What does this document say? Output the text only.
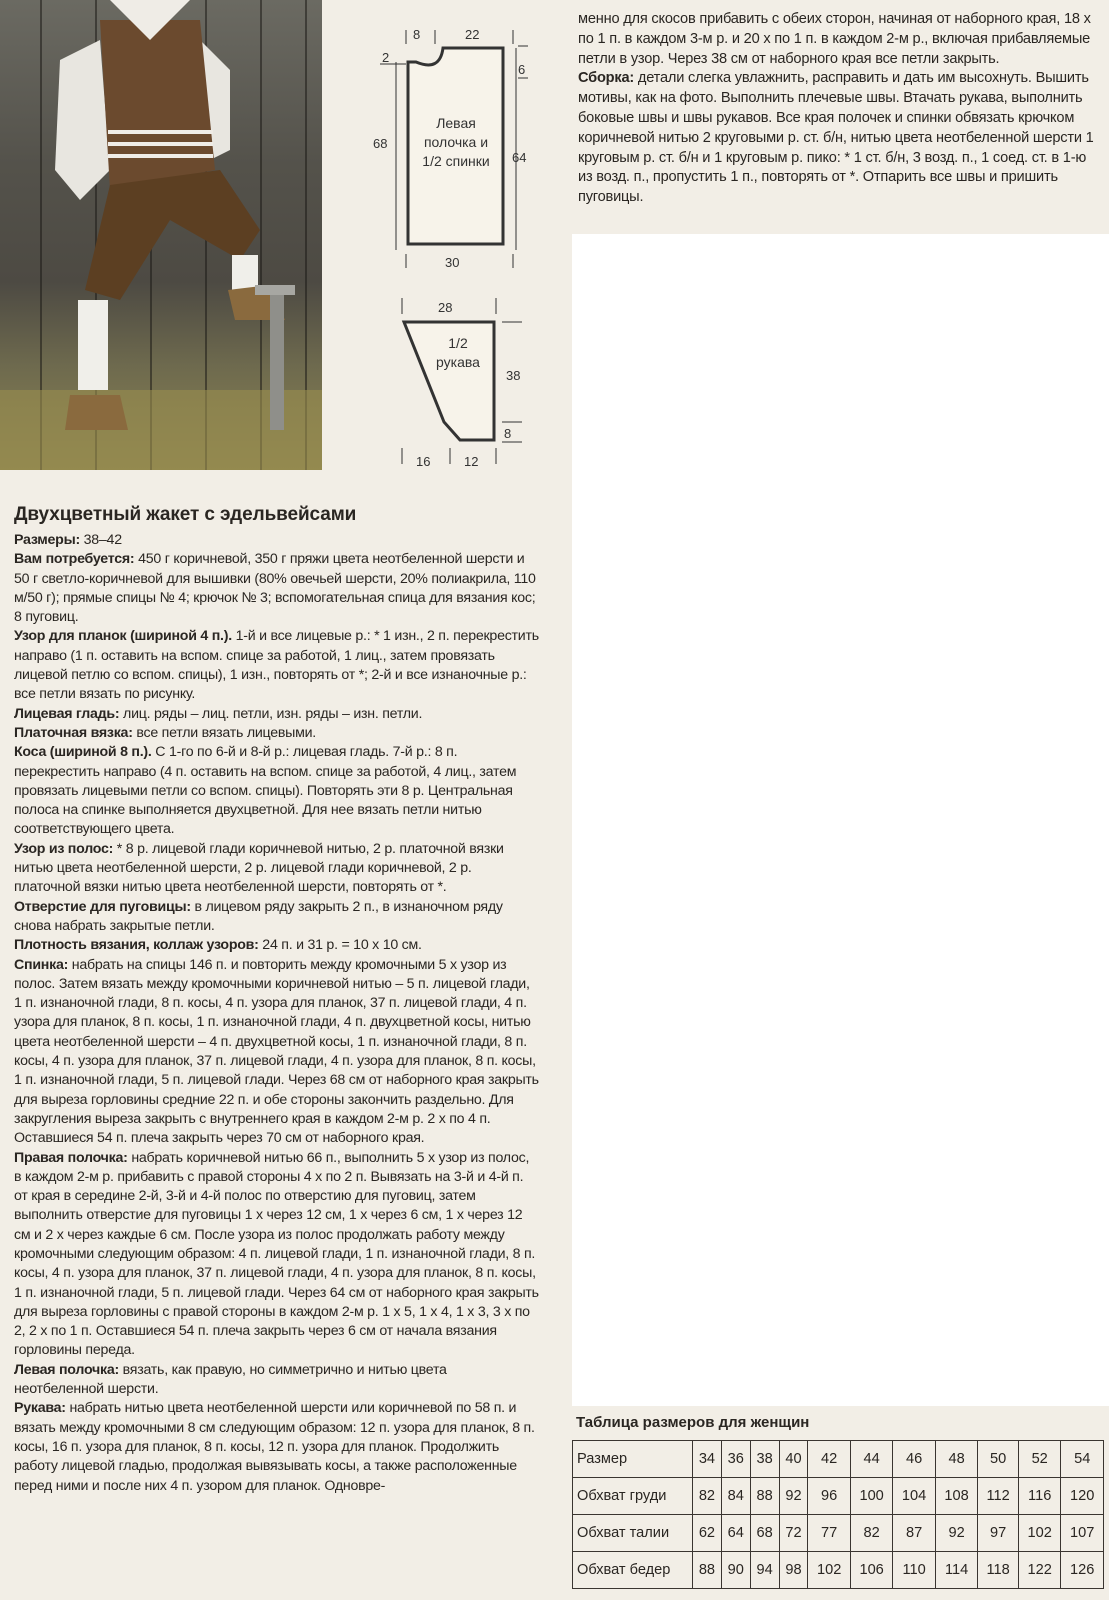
8	22
2
6
68
64
30
Левая
полочка и
1/2 спинки
28
38
8
16	12
1/2
рукава

менно для скосов прибавить с обеих сторон, начиная от наборного края, 18 х по 1 п. в каждом 3-м р. и 20 х по 1 п. в каждом 2-м р., включая прибавляемые петли в узор. Через 38 см от наборного края все петли закрыть.

Сборка: детали слегка увлажнить, расправить и дать им высохнуть. Вышить мотивы, как на фото. Выполнить плечевые швы. Втачать рукава, выполнить боковые швы и швы рукавов. Все края полочек и спинки обвязать крючком коричневой нитью 2 круговыми р. ст. б/н, нитью цвета неотбеленной шерсти 1 круговым р. ст. б/н и 1 круговым р. пико: * 1 ст. б/н, 3 возд. п., 1 соед. ст. в 1-ю из возд. п., пропустить 1 п., повторять от *. Отпарить все швы и пришить пуговицы.

Двухцветный жакет с эдельвейсами

Размеры: 38–42

Вам потребуется: 450 г коричневой, 350 г пряжи цвета неотбеленной шерсти и 50 г светло-коричневой для вышивки (80% овечьей шерсти, 20% полиакрила, 110 м/50 г); прямые спицы № 4; крючок № 3; вспомогательная спица для вязания кос; 8 пуговиц.

Узор для планок (шириной 4 п.). 1-й и все лицевые р.: * 1 изн., 2 п. перекрестить направо (1 п. оставить на вспом. спице за работой, 1 лиц., затем провязать лицевой петлю со вспом. спицы), 1 изн., повторять от *; 2-й и все изнаночные р.: все петли вязать по рисунку.

Лицевая гладь: лиц. ряды – лиц. петли, изн. ряды – изн. петли.

Платочная вязка: все петли вязать лицевыми.

Коса (шириной 8 п.). С 1-го по 6-й и 8-й р.: лицевая гладь. 7-й р.: 8 п. перекрестить направо (4 п. оставить на вспом. спице за работой, 4 лиц., затем провязать лицевыми петли со вспом. спицы). Повторять эти 8 р. Центральная полоса на спинке выполняется двухцветной. Для нее вязать петли нитью соответствующего цвета.

Узор из полос: * 8 р. лицевой глади коричневой нитью, 2 р. платочной вязки нитью цвета неотбеленной шерсти, 2 р. лицевой глади коричневой, 2 р. платочной вязки нитью цвета неотбеленной шерсти, повторять от *.

Отверстие для пуговицы: в лицевом ряду закрыть 2 п., в изнаночном ряду снова набрать закрытые петли.

Плотность вязания, коллаж узоров: 24 п. и 31 р. = 10 х 10 см.

Спинка: набрать на спицы 146 п. и повторить между кромочными 5 х узор из полос. Затем вязать между кромочными коричневой нитью – 5 п. лицевой глади, 1 п. изнаночной глади, 8 п. косы, 4 п. узора для планок, 37 п. лицевой глади, 4 п. узора для планок, 8 п. косы, 1 п. изнаночной глади, 4 п. двухцветной косы, нитью цвета неотбеленной шерсти – 4 п. двухцветной косы, 1 п. изнаночной глади, 8 п. косы, 4 п. узора для планок, 37 п. лицевой глади, 4 п. узора для планок, 8 п. косы, 1 п. изнаночной глади, 5 п. лицевой глади. Через 68 см от наборного края закрыть для выреза горловины средние 22 п. и обе стороны закончить раздельно. Для закругления выреза закрыть с внутреннего края в каждом 2-м р. 2 х по 4 п. Оставшиеся 54 п. плеча закрыть через 70 см от наборного края.

Правая полочка: набрать коричневой нитью 66 п., выполнить 5 х узор из полос, в каждом 2-м р. прибавить с правой стороны 4 х по 2 п. Вывязать на 3-й и 4-й п. от края в середине 2-й, 3-й и 4-й полос по отверстию для пуговиц, затем выполнить отверстие для пуговицы 1 х через 12 см, 1 х через 6 см, 1 х через 12 см и 2 х через каждые 6 см. После узора из полос продолжать работу между кромочными следующим образом: 4 п. лицевой глади, 1 п. изнаночной глади, 8 п. косы, 4 п. узора для планок, 37 п. лицевой глади, 4 п. узора для планок, 8 п. косы, 1 п. изнаночной глади, 5 п. лицевой глади. Через 64 см от наборного края закрыть для выреза горловины с правой стороны в каждом 2-м р. 1 х 5, 1 х 4, 1 х 3, 3 х по 2, 2 х по 1 п. Оставшиеся 54 п. плеча закрыть через 6 см от начала вязания горловины переда.

Левая полочка: вязать, как правую, но симметрично и нитью цвета неотбеленной шерсти.

Рукава: набрать нитью цвета неотбеленной шерсти или коричневой по 58 п. и вязать между кромочными 8 см следующим образом: 12 п. узора для планок, 8 п. косы, 16 п. узора для планок, 8 п. косы, 12 п. узора для планок. Продолжить работу лицевой гладью, продолжая вывязывать косы, а также расположенные перед ними и после них 4 п. узором для планок. Одновре-

Таблица размеров для женщин
Размер	34	36	38	40	42	44	46	48	50	52	54
Обхват груди	82	84	88	92	96	100	104	108	112	116	120
Обхват талии	62	64	68	72	77	82	87	92	97	102	107
Обхват бедер	88	90	94	98	102	106	110	114	118	122	126
